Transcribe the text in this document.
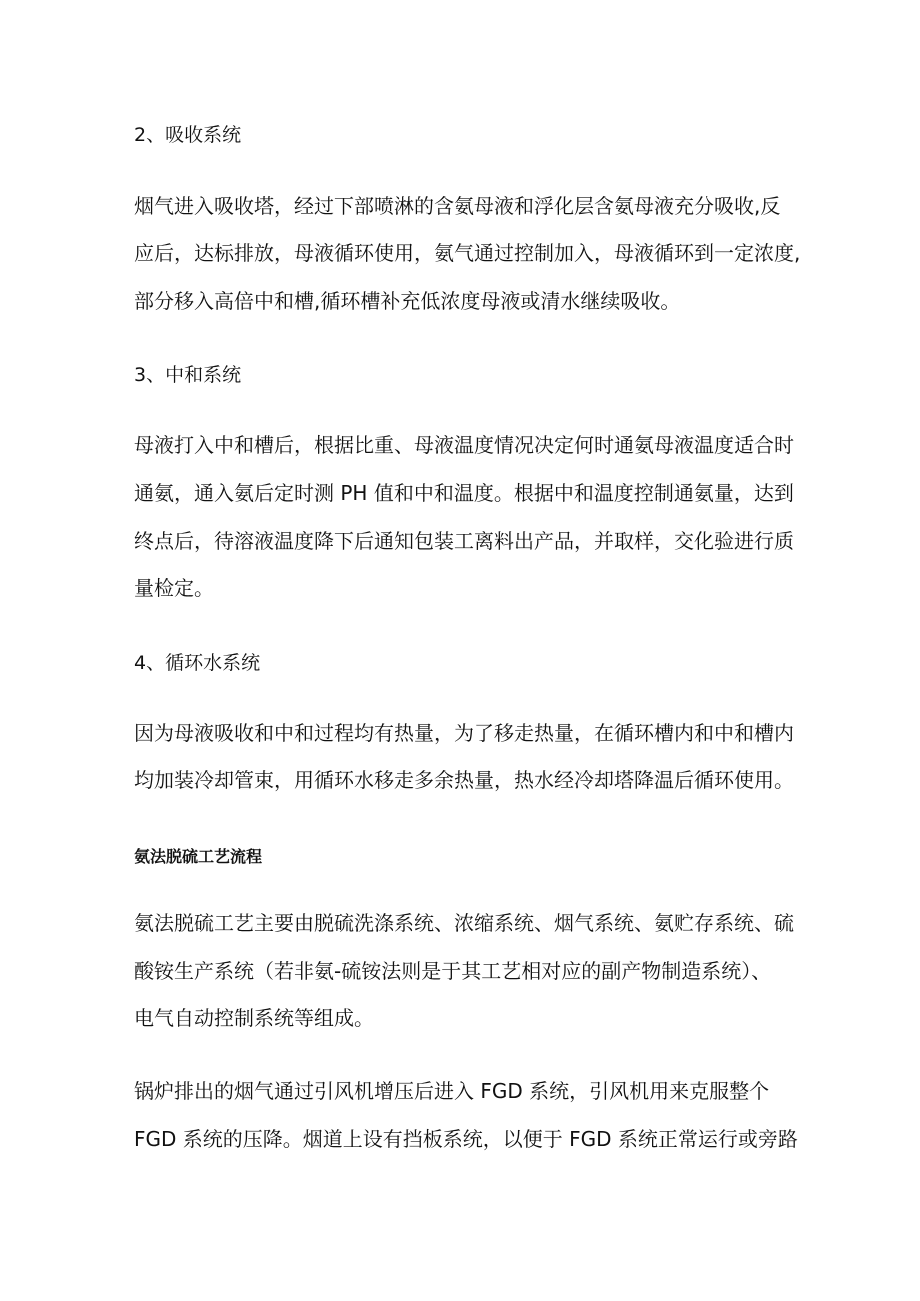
2、吸收系统

烟气进入吸收塔，经过下部喷淋的含氨母液和浮化层含氨母液充分吸收,反

应后，达标排放，母液循环使用，氨气通过控制加入，母液循环到一定浓度,

部分移入高倍中和槽,循环槽补充低浓度母液或清水继续吸收。

3、中和系统

母液打入中和槽后，根据比重、母液温度情况决定何时通氨母液温度适合时

通氨，通入氨后定时测 PH 值和中和温度。根据中和温度控制通氨量，达到

终点后，待溶液温度降下后通知包装工离料出产品，并取样，交化验进行质

量检定。

4、循环水系统

因为母液吸收和中和过程均有热量，为了移走热量，在循环槽内和中和槽内

均加装冷却管束，用循环水移走多余热量，热水经冷却塔降温后循环使用。

氨法脱硫工艺流程

氨法脱硫工艺主要由脱硫洗涤系统、浓缩系统、烟气系统、氨贮存系统、硫

酸铵生产系统（若非氨-硫铵法则是于其工艺相对应的副产物制造系统）、

电气自动控制系统等组成。

锅炉排出的烟气通过引风机增压后进入 FGD 系统，引风机用来克服整个

FGD 系统的压降。烟道上设有挡板系统，以便于 FGD 系统正常运行或旁路
